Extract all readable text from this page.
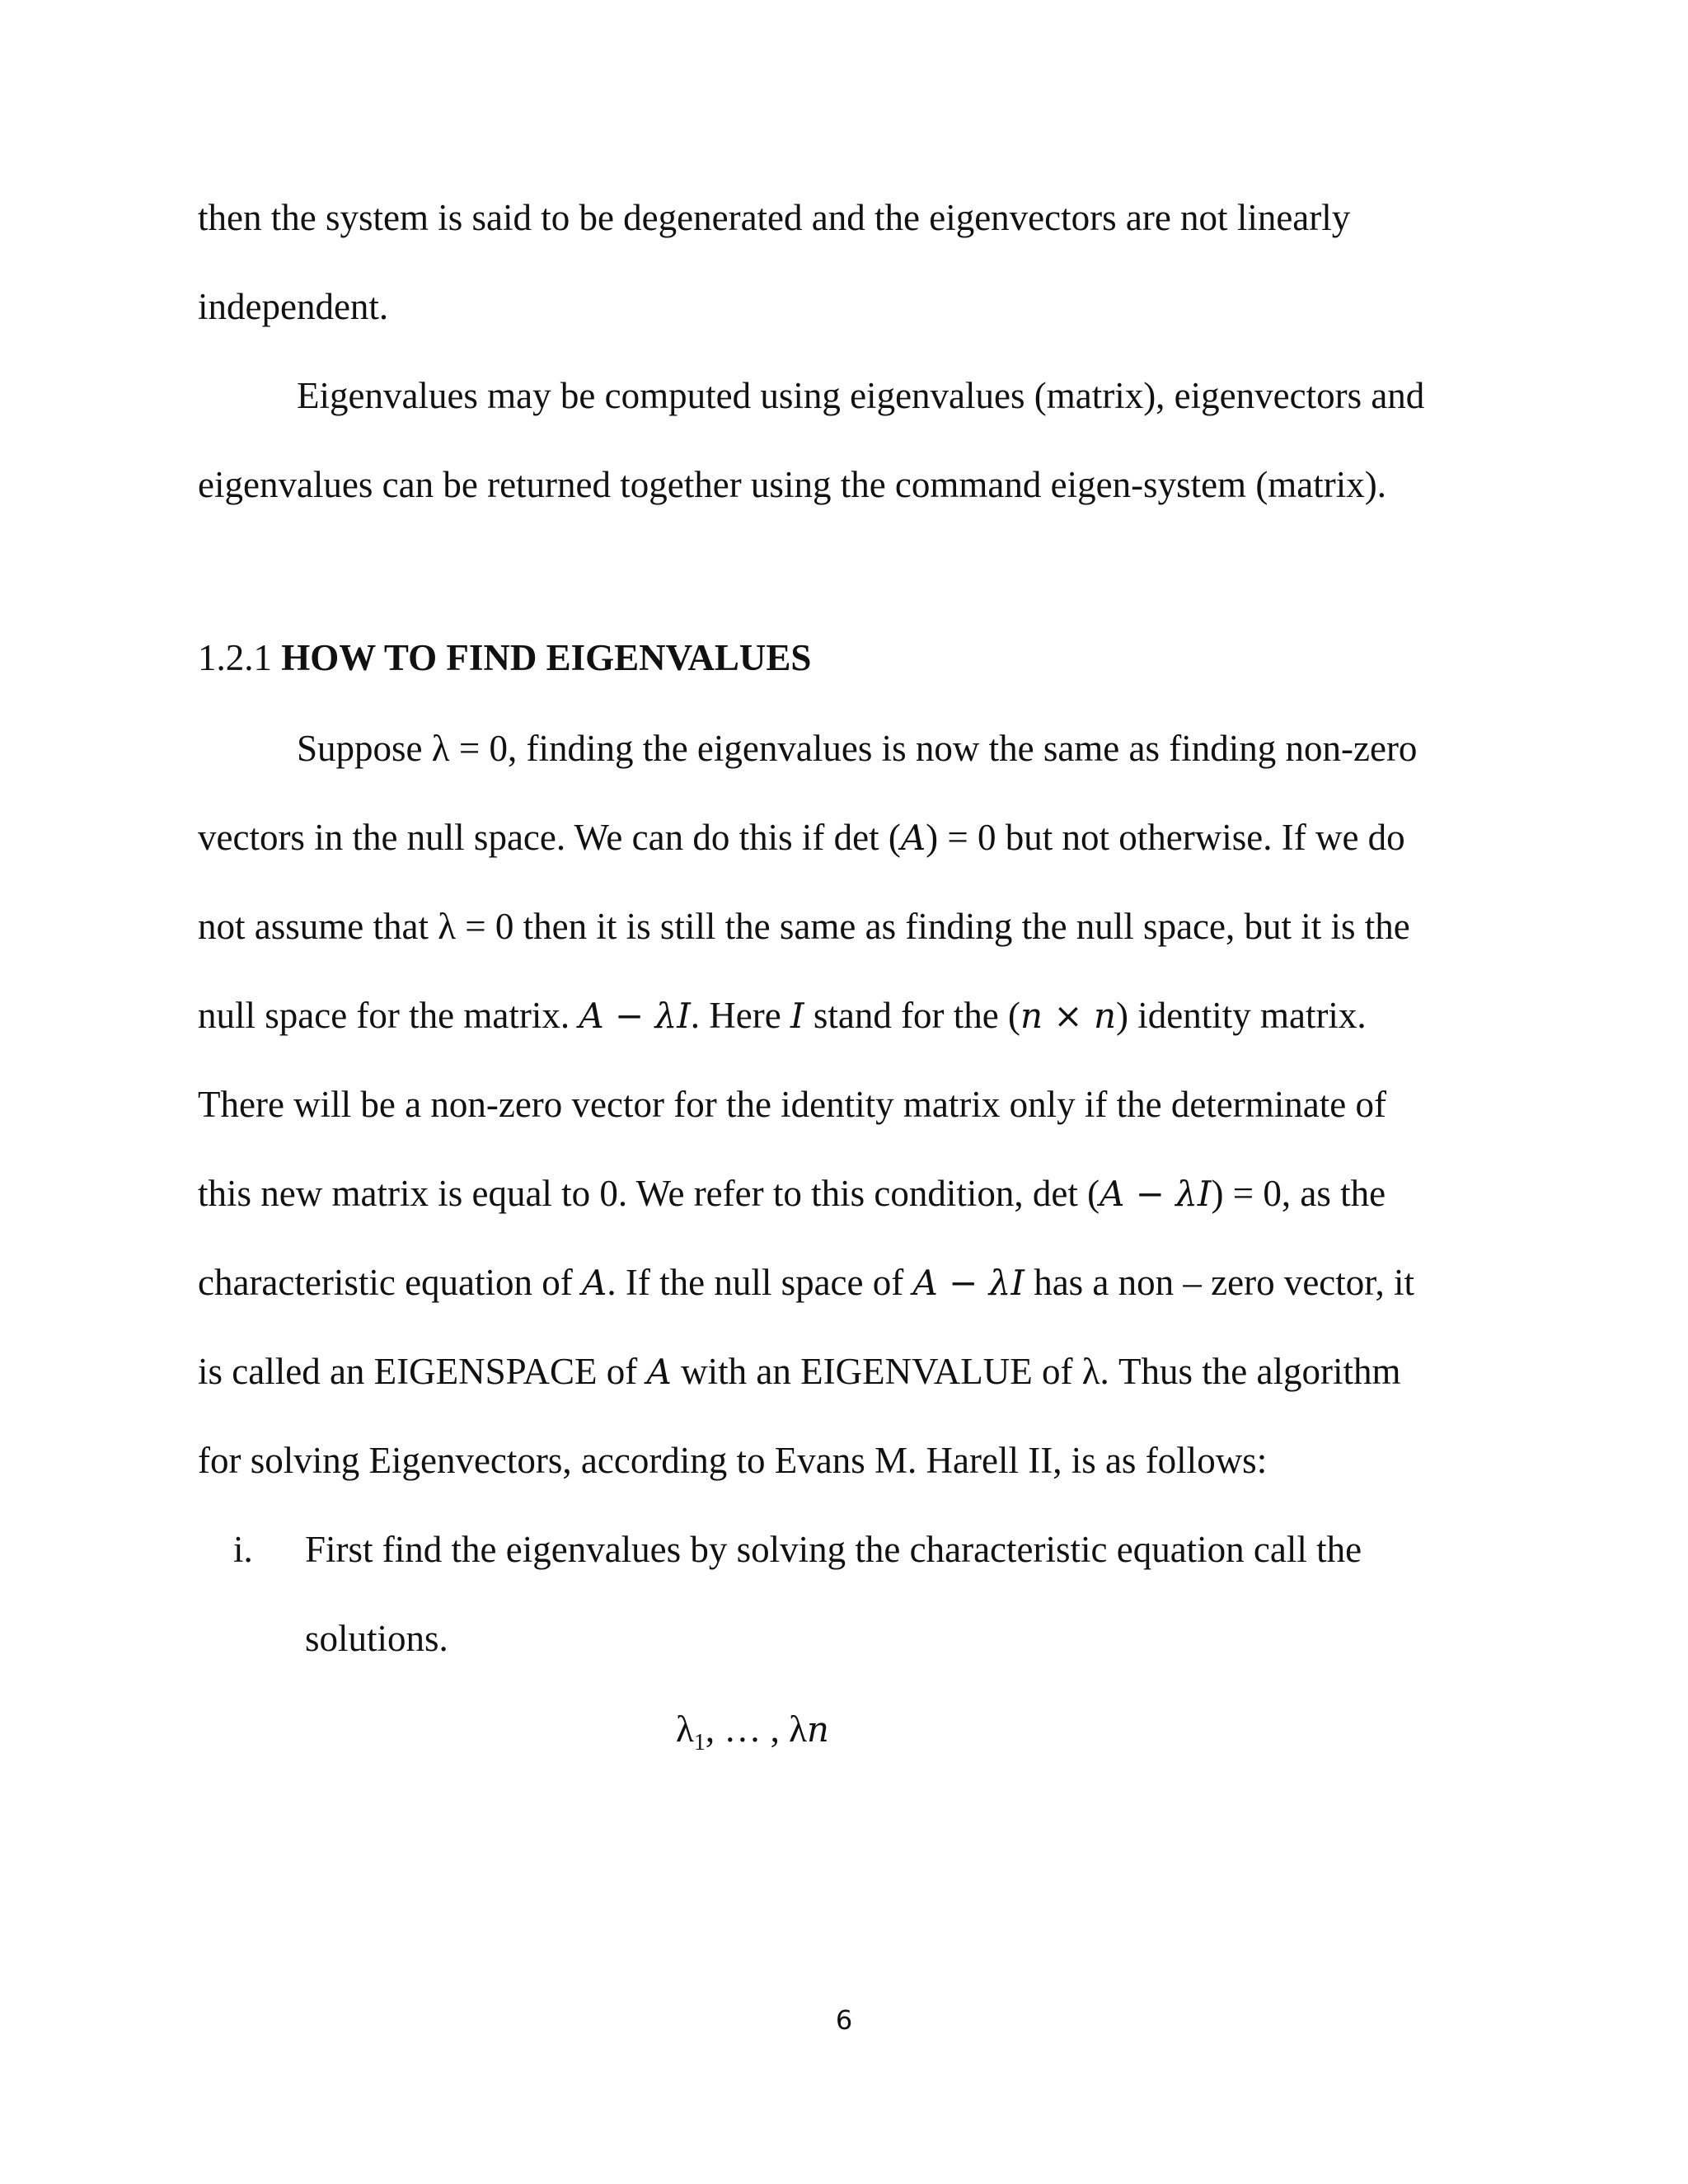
then the system is said to be degenerated and the eigenvectors are not linearly
independent.
Eigenvalues may be computed using eigenvalues (matrix), eigenvectors and
eigenvalues can be returned together using the command eigen-system (matrix).
1.2.1 HOW TO FIND EIGENVALUES
Suppose λ = 0, finding the eigenvalues is now the same as finding non-zero
vectors in the null space. We can do this if det (A) = 0 but not otherwise. If we do
not assume that λ = 0 then it is still the same as finding the null space, but it is the
null space for the matrix. A − λI. Here I stand for the (n × n) identity matrix.
There will be a non-zero vector for the identity matrix only if the determinate of
this new matrix is equal to 0. We refer to this condition, det (A − λI) = 0, as the
characteristic equation of A. If the null space of A − λI has a non – zero vector, it
is called an EIGENSPACE of A with an EIGENVALUE of λ. Thus the algorithm
for solving Eigenvectors, according to Evans M. Harell II, is as follows:
i. First find the eigenvalues by solving the characteristic equation call the
solutions.
$\lambda_1$, … , λn
6
